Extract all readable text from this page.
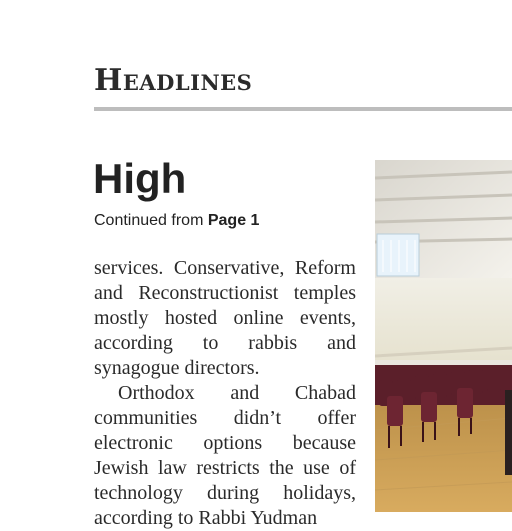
Headlines
High
Continued from Page 1

services. Conservative, Reform and Reconstructionist temples mostly hosted online events, according to rabbis and synagogue directors.

Orthodox and Chabad communities didn’t offer electronic options because Jewish law restricts the use of technology during holidays, according to Rabbi Yudman
